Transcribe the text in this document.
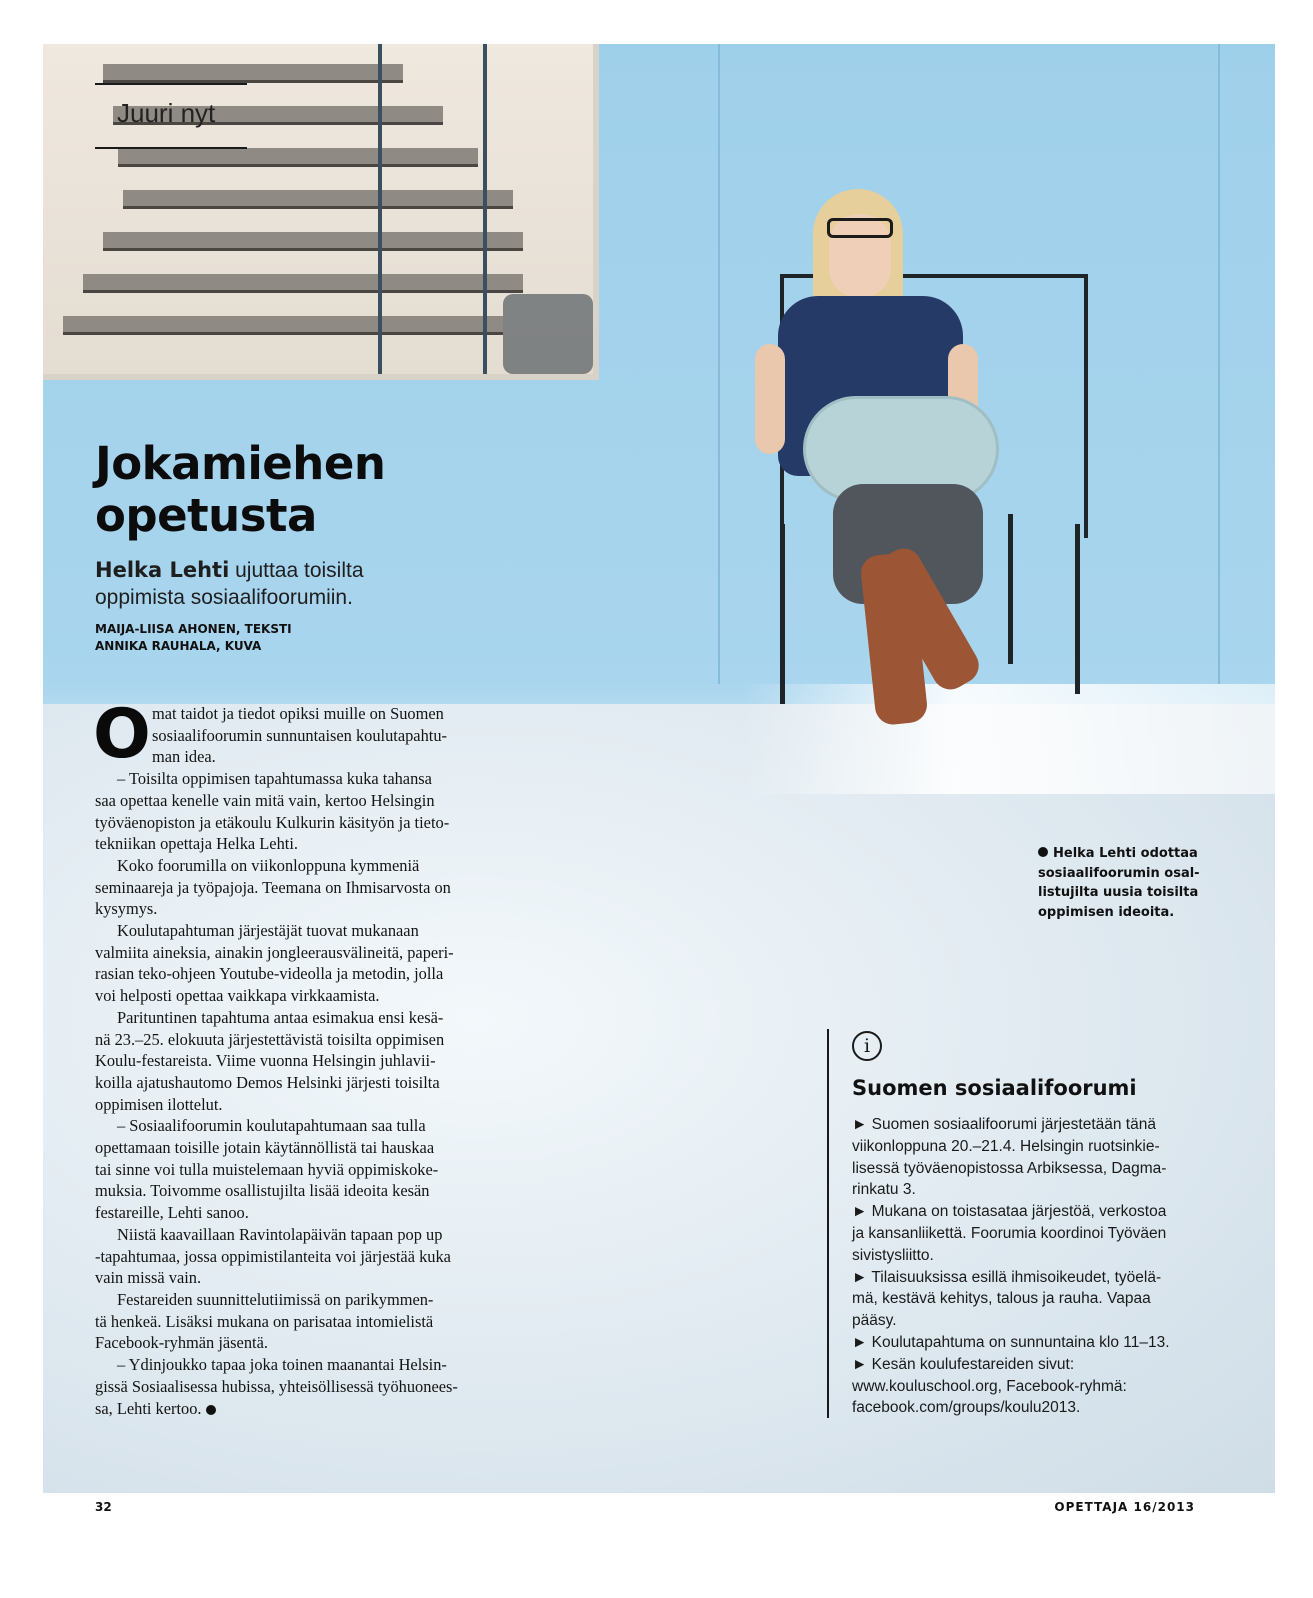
Juuri nyt
Jokamiehen
opetusta
Helka Lehti ujuttaa toisilta
oppimista sosiaalifoorumiin.
MAIJA-LIISA AHONEN, TEKSTI
ANNIKA RAUHALA, KUVA
O mat taidot ja tiedot opiksi muille on Suomen
sosiaalifoorumin sunnuntaisen koulutapahtu-
man idea.
– Toisilta oppimisen tapahtumassa kuka tahansa
saa opettaa kenelle vain mitä vain, kertoo Helsingin
työväenopiston ja etäkoulu Kulkurin käsityön ja tieto-
tekniikan opettaja Helka Lehti.
Koko foorumilla on viikonloppuna kymmeniä
seminaareja ja työpajoja. Teemana on Ihmisarvosta on
kysymys.
Koulutapahtuman järjestäjät tuovat mukanaan
valmiita aineksia, ainakin jongleerausvälineitä, paperi-
rasian teko-ohjeen Youtube-videolla ja metodin, jolla
voi helposti opettaa vaikkapa virkkaamista.
Parituntinen tapahtuma antaa esimakua ensi kesä-
nä 23.–25. elokuuta järjestettävistä toisilta oppimisen
Koulu-festareista. Viime vuonna Helsingin juhlavii-
koilla ajatushautomo Demos Helsinki järjesti toisilta
oppimisen ilottelut.
– Sosiaalifoorumin koulutapahtumaan saa tulla
opettamaan toisille jotain käytännöllistä tai hauskaa
tai sinne voi tulla muistelemaan hyviä oppimiskoke-
muksia. Toivomme osallistujilta lisää ideoita kesän
festareille, Lehti sanoo.
Niistä kaavaillaan Ravintolapäivän tapaan pop up
-tapahtumaa, jossa oppimistilanteita voi järjestää kuka
vain missä vain.
Festareiden suunnittelutiimissä on parikymmen-
tä henkeä. Lisäksi mukana on parisataa intomielistä
Facebook-ryhmän jäsentä.
– Ydinjoukko tapaa joka toinen maanantai Helsin-
gissä Sosiaalisessa hubissa, yhteisöllisessä työhuonees-
sa, Lehti kertoo.
Helka Lehti odottaa
sosiaalifoorumin osal-
listujilta uusia toisilta
oppimisen ideoita.
i
Suomen sosiaalifoorumi
► Suomen sosiaalifoorumi järjestetään tänä
viikonloppuna 20.–21.4. Helsingin ruotsinkie-
lisessä työväenopistossa Arbiksessa, Dagma-
rinkatu 3.
► Mukana on toistasataa järjestöä, verkostoa
ja kansanliikettä. Foorumia koordinoi Työväen
sivistysliitto.
► Tilaisuuksissa esillä ihmisoikeudet, työelä-
mä, kestävä kehitys, talous ja rauha. Vapaa
pääsy.
► Koulutapahtuma on sunnuntaina klo 11–13.
► Kesän koulufestareiden sivut:
www.kouluschool.org, Facebook-ryhmä:
facebook.com/groups/koulu2013.
32	OPETTAJA 16/2013
